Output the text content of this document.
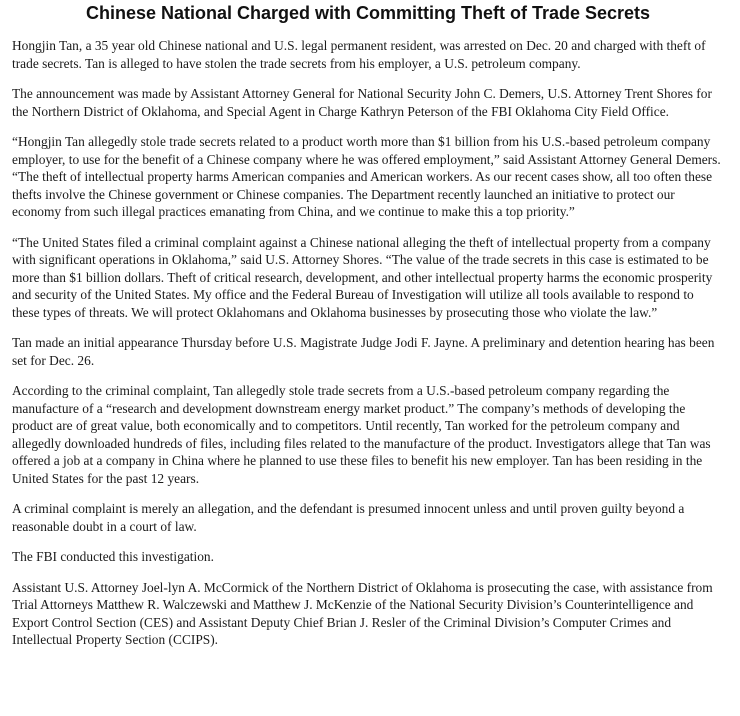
Chinese National Charged with Committing Theft of Trade Secrets

Hongjin Tan, a 35 year old Chinese national and U.S. legal permanent resident, was arrested on Dec. 20 and charged with theft of trade secrets. Tan is alleged to have stolen the trade secrets from his employer, a U.S. petroleum company.

The announcement was made by Assistant Attorney General for National Security John C. Demers, U.S. Attorney Trent Shores for the Northern District of Oklahoma, and Special Agent in Charge Kathryn Peterson of the FBI Oklahoma City Field Office.

“Hongjin Tan allegedly stole trade secrets related to a product worth more than $1 billion from his U.S.-based petroleum company employer, to use for the benefit of a Chinese company where he was offered employment,” said Assistant Attorney General Demers. “The theft of intellectual property harms American companies and American workers. As our recent cases show, all too often these thefts involve the Chinese government or Chinese companies. The Department recently launched an initiative to protect our economy from such illegal practices emanating from China, and we continue to make this a top priority.”

“The United States filed a criminal complaint against a Chinese national alleging the theft of intellectual property from a company with significant operations in Oklahoma,” said U.S. Attorney Shores. “The value of the trade secrets in this case is estimated to be more than $1 billion dollars. Theft of critical research, development, and other intellectual property harms the economic prosperity and security of the United States. My office and the Federal Bureau of Investigation will utilize all tools available to respond to these types of threats. We will protect Oklahomans and Oklahoma businesses by prosecuting those who violate the law.”

Tan made an initial appearance Thursday before U.S. Magistrate Judge Jodi F. Jayne. A preliminary and detention hearing has been set for Dec. 26.

According to the criminal complaint, Tan allegedly stole trade secrets from a U.S.-based petroleum company regarding the manufacture of a “research and development downstream energy market product.” The company’s methods of developing the product are of great value, both economically and to competitors. Until recently, Tan worked for the petroleum company and allegedly downloaded hundreds of files, including files related to the manufacture of the product. Investigators allege that Tan was offered a job at a company in China where he planned to use these files to benefit his new employer. Tan has been residing in the United States for the past 12 years.

A criminal complaint is merely an allegation, and the defendant is presumed innocent unless and until proven guilty beyond a reasonable doubt in a court of law.

The FBI conducted this investigation.

Assistant U.S. Attorney Joel-lyn A. McCormick of the Northern District of Oklahoma is prosecuting the case, with assistance from Trial Attorneys Matthew R. Walczewski and Matthew J. McKenzie of the National Security Division’s Counterintelligence and Export Control Section (CES) and Assistant Deputy Chief Brian J. Resler of the Criminal Division’s Computer Crimes and Intellectual Property Section (CCIPS).
